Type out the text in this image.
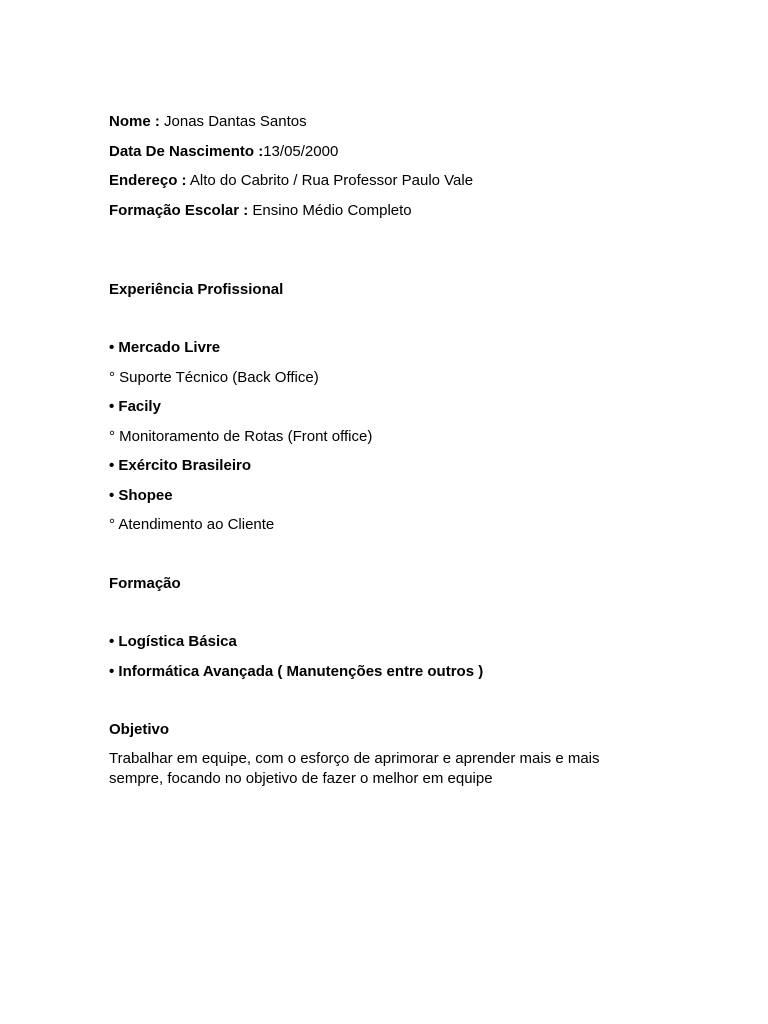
Nome : Jonas Dantas Santos
Data De Nascimento :13/05/2000
Endereço : Alto do Cabrito / Rua Professor Paulo Vale
Formação Escolar : Ensino Médio Completo
Experiência Profissional
• Mercado Livre
° Suporte Técnico (Back Office)
• Facily
° Monitoramento de Rotas (Front office)
• Exército Brasileiro
• Shopee
° Atendimento ao Cliente
Formação
• Logística Básica
• Informática Avançada ( Manutenções entre outros )
Objetivo
Trabalhar em equipe, com o esforço de aprimorar e aprender mais e mais sempre, focando no objetivo de fazer o melhor em equipe
